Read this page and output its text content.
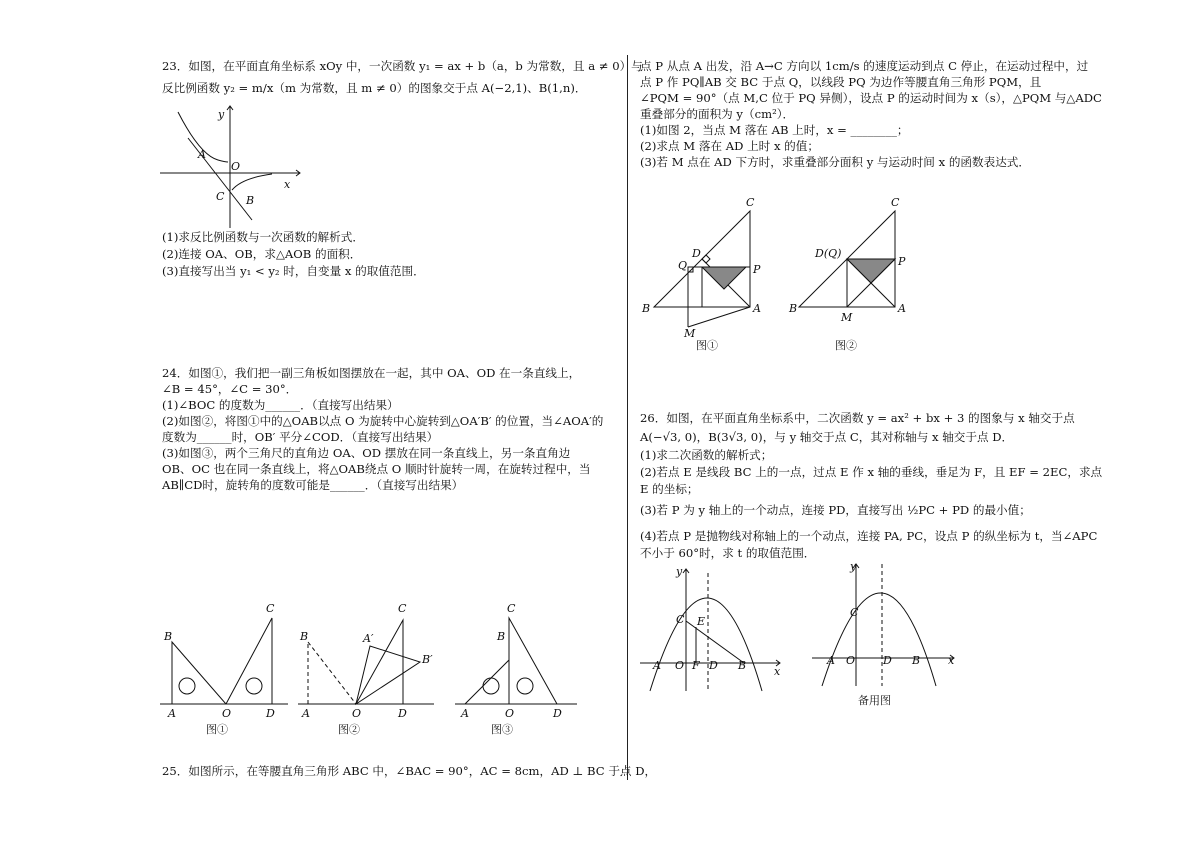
23．如图，在平面直角坐标系 xOy 中，一次函数 y₁ = ax + b（a，b 为常数，且 a ≠ 0）与
反比例函数 y₂ = m/x（m 为常数，且 m ≠ 0）的图象交于点 A(−2,1)、B(1,n)．
y
x
O
A
C B
(1)求反比例函数与一次函数的解析式．
(2)连接 OA、OB，求△AOB 的面积．
(3)直接写出当 y₁ < y₂ 时，自变量 x 的取值范围．
24．如图①，我们把一副三角板如图摆放在一起，其中 OA、OD 在一条直线上，
∠B = 45°，∠C = 30°．
(1)∠BOC 的度数为______．（直接写出结果）
(2)如图②，将图①中的△OAB以点 O 为旋转中心旋转到△OA′B′ 的位置，当∠AOA′的
度数为______时，OB′ 平分∠COD．（直接写出结果）
(3)如图③，两个三角尺的直角边 OA、OD 摆放在同一条直线上，另一条直角边
OB、OC 也在同一条直线上，将△OAB绕点 O 顺时针旋转一周，在旋转过程中，当
AB∥CD时，旋转角的度数可能是______．（直接写出结果）
B
C
A	O	D
图①
B
C
A′
B′
A	O	D
图②
B
C
A	O	D
图③
25．如图所示，在等腰直角三角形 ABC 中，∠BAC = 90°，AC = 8cm，AD ⊥ BC 于点 D，
点 P 从点 A 出发，沿 A→C 方向以 1cm/s 的速度运动到点 C 停止，在运动过程中，过
点 P 作 PQ∥AB 交 BC 于点 Q，以线段 PQ 为边作等腰直角三角形 PQM，且
∠PQM = 90°（点 M,C 位于 PQ 异侧），设点 P 的运动时间为 x（s），△PQM 与△ADC
重叠部分的面积为 y（cm²）．
(1)如图 2，当点 M 落在 AB 上时，x = ________；
(2)求点 M 落在 AD 上时 x 的值；
(3)若 M 点在 AD 下方时，求重叠部分面积 y 与运动时间 x 的函数表达式．
C
D
Q	P
B	A
M
图①
C
D(Q)
P
B
M
A
图②
26．如图，在平面直角坐标系中，二次函数 y = ax² + bx + 3 的图象与 x 轴交于点
A(−√3, 0)，B(3√3, 0)，与 y 轴交于点 C，其对称轴与 x 轴交于点 D．
(1)求二次函数的解析式；
(2)若点 E 是线段 BC 上的一点，过点 E 作 x 轴的垂线，垂足为 F，且 EF = 2EC，求点
E 的坐标；
(3)若 P 为 y 轴上的一个动点，连接 PD，直接写出 ½PC + PD 的最小值；
(4)若点 P 是抛物线对称轴上的一个动点，连接 PA, PC，设点 P 的纵坐标为 t，当∠APC
不小于 60°时，求 t 的取值范围．
y
x
C E
A O F D B
y
x
C
A O	D B
备用图
